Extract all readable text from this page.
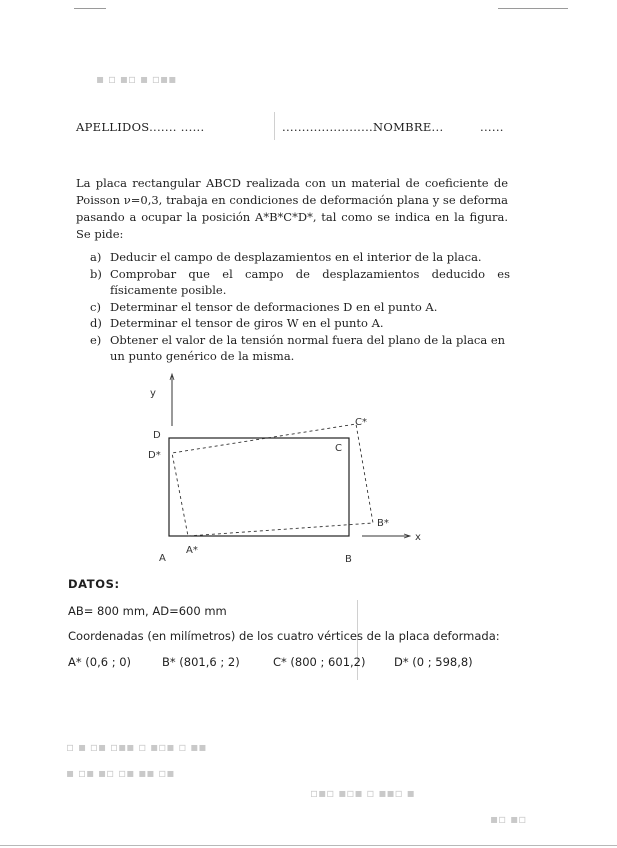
▪ ▫ ▪▫ ▪ ▫▪▪
▫ ▪ ▫▪ ▫▪▪ ▫ ▪▫▪ ▫ ▪▪
▪ ▫▪ ▪▫ ▫▪ ▪▪ ▫▪
▫▪▫ ▪▫▪ ▫ ▪▪▫ ▪
▪▫ ▪▫
APELLIDOS....... ......	.......................NOMBRE...	......
La placa rectangular ABCD realizada con un material de coeficiente de Poisson ν=0,3, trabaja en condiciones de deformación plana y se deforma pasando a ocupar la posición A*B*C*D*, tal como se indica en la figura. Se pide:

a) Deducir el campo de desplazamientos en el interior de la placa.

b) Comprobar que el campo de desplazamientos deducido es físicamente posible.

c) Determinar el tensor de deformaciones D en el punto A.

d) Determinar el tensor de giros W en el punto A.

e) Obtener el valor de la tensión normal fuera del plano de la placa en un punto genérico de la misma.

y
x
D
D*
C
C*
B*
A
A*
B
DATOS:
AB= 800 mm, AD=600 mm
Coordenadas (en milímetros) de los cuatro vértices de la placa deformada:
A* (0,6 ; 0)	B* (801,6 ; 2)	C* (800 ; 601,2) D* (0 ; 598,8)
